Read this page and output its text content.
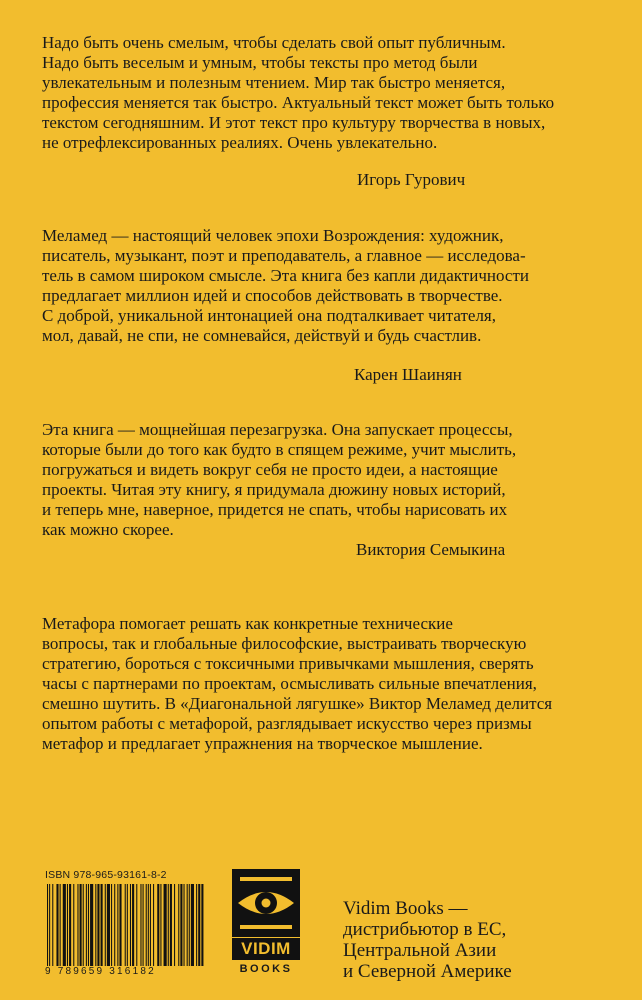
Надо быть очень смелым, чтобы сделать свой опыт публичным.
Надо быть веселым и умным, чтобы тексты про метод были
увлекательным и полезным чтением. Мир так быстро меняется,
профессия меняется так быстро. Актуальный текст может быть только
текстом сегодняшним. И этот текст про культуру творчества в новых,
не отрефлексированных реалиях. Очень увлекательно.

Игорь Гурович

Меламед — настоящий человек эпохи Возрождения: художник,
писатель, музыкант, поэт и преподаватель, а главное — исследова-
тель в самом широком смысле. Эта книга без капли дидактичности
предлагает миллион идей и способов действовать в творчестве.
С доброй, уникальной интонацией она подталкивает читателя,
мол, давай, не спи, не сомневайся, действуй и будь счастлив.

Карен Шаинян

Эта книга — мощнейшая перезагрузка. Она запускает процессы,
которые были до того как будто в спящем режиме, учит мыслить,
погружаться и видеть вокруг себя не просто идеи, а настоящие
проекты. Читая эту книгу, я придумала дюжину новых историй,
и теперь мне, наверное, придется не спать, чтобы нарисовать их
как можно скорее.

Виктория Семыкина

Метафора помогает решать как конкретные технические
вопросы, так и глобальные философские, выстраивать творческую
стратегию, бороться с токсичными привычками мышления, сверять
часы с партнерами по проектам, осмысливать сильные впечатления,
смешно шутить. В «Диагональной лягушке» Виктор Меламед делится
опытом работы с метафорой, разглядывает искусство через призмы
метафор и предлагает упражнения на творческое мышление.

ISBN 978-965-93161-8-2
9 789659 316182
VIDIM
BOOKS
Vidim Books —
дистрибьютор в ЕС,
Центральной Азии
и Северной Америке
